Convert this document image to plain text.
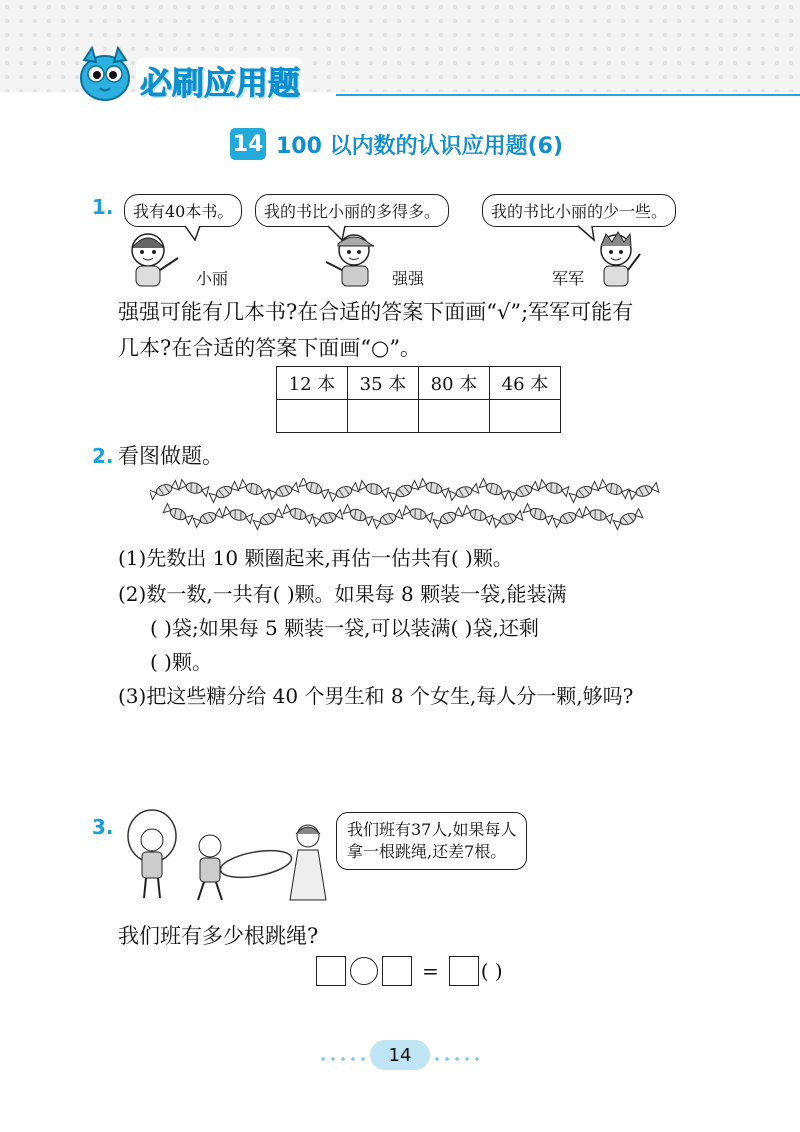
必刷应用题
14 100 以内数的认识应用题(6)
1.	我有40本书。	我的书比小丽的多得多。	我的书比小丽的少一些。
小丽	强强	军军
强强可能有几本书?在合适的答案下面画“√”;军军可能有
几本?在合适的答案下面画“○”。
12 本	35 本	80 本	46 本

2. 看图做题。
(1)先数出 10 颗圈起来,再估一估共有( )颗。
(2)数一数,一共有( )颗。如果每 8 颗装一袋,能装满
( )袋;如果每 5 颗装一袋,可以装满( )袋,还剩
( )颗。
(3)把这些糖分给 40 个男生和 8 个女生,每人分一颗,够吗?
3.	我们班有37人,如果每人
拿一根跳绳,还差7根。
我们班有多少根跳绳?
= ( )
14
